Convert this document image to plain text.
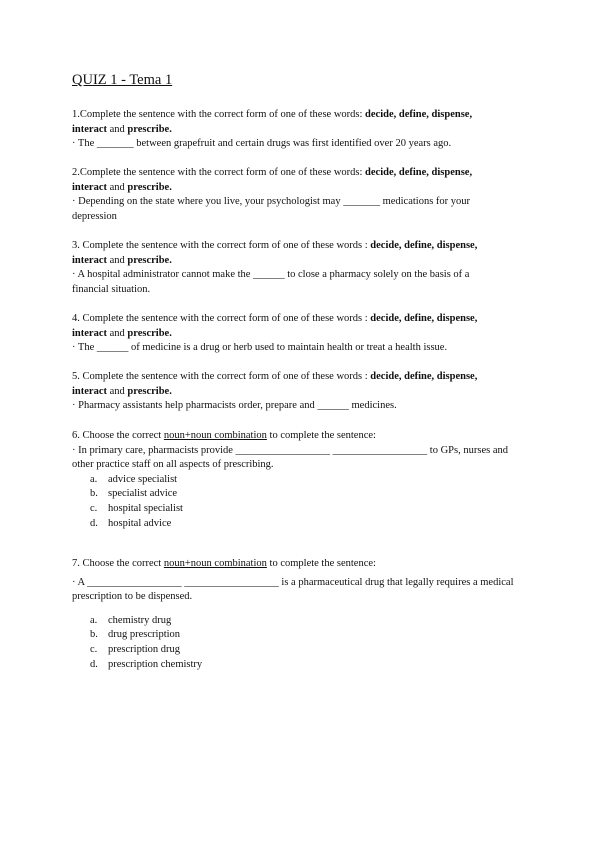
QUIZ 1 - Tema 1

1.Complete the sentence with the correct form of one of these words: decide, define, dispense,

interact and prescribe.

· The _______ between grapefruit and certain drugs was first identified over 20 years ago.

2.Complete the sentence with the correct form of one of these words: decide, define, dispense,

interact and prescribe.

· Depending on the state where you live, your psychologist may _______ medications for your

depression

3. Complete the sentence with the correct form of one of these words : decide, define, dispense,

interact and prescribe.

· A hospital administrator cannot make the ______ to close a pharmacy solely on the basis of a

financial situation.

4. Complete the sentence with the correct form of one of these words : decide, define, dispense,

interact and prescribe.

· The ______ of medicine is a drug or herb used to maintain health or treat a health issue.

5. Complete the sentence with the correct form of one of these words : decide, define, dispense,

interact and prescribe.

· Pharmacy assistants help pharmacists order, prepare and ______ medicines.

6. Choose the correct noun+noun combination to complete the sentence:

· In primary care, pharmacists provide __________________ __________________ to GPs, nurses and

other practice staff on all aspects of prescribing.

a. advice specialist
b. specialist advice
c. hospital specialist
d. hospital advice

7. Choose the correct noun+noun combination to complete the sentence:

· A __________________ __________________ is a pharmaceutical drug that legally requires a medical

prescription to be dispensed.

a. chemistry drug
b. drug prescription
c. prescription drug
d. prescription chemistry
